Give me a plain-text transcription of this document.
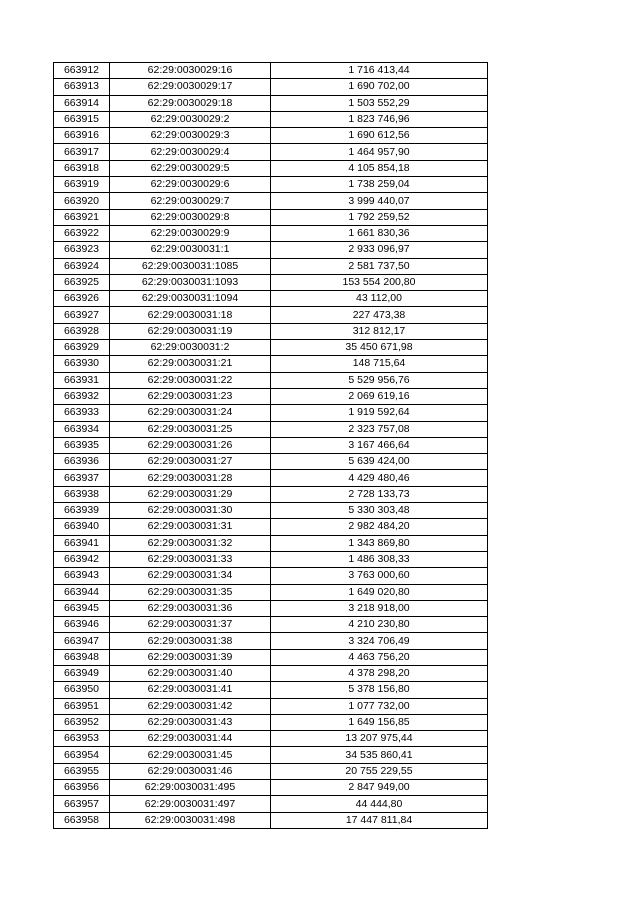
663912	62:29:0030029:16	1 716 413,44
663913	62:29:0030029:17	1 690 702,00
663914	62:29:0030029:18	1 503 552,29
663915	62:29:0030029:2	1 823 746,96
663916	62:29:0030029:3	1 690 612,56
663917	62:29:0030029:4	1 464 957,90
663918	62:29:0030029:5	4 105 854,18
663919	62:29:0030029:6	1 738 259,04
663920	62:29:0030029:7	3 999 440,07
663921	62:29:0030029:8	1 792 259,52
663922	62:29:0030029:9	1 661 830,36
663923	62:29:0030031:1	2 933 096,97
663924	62:29:0030031:1085	2 581 737,50
663925	62:29:0030031:1093	153 554 200,80
663926	62:29:0030031:1094	43 112,00
663927	62:29:0030031:18	227 473,38
663928	62:29:0030031:19	312 812,17
663929	62:29:0030031:2	35 450 671,98
663930	62:29:0030031:21	148 715,64
663931	62:29:0030031:22	5 529 956,76
663932	62:29:0030031:23	2 069 619,16
663933	62:29:0030031:24	1 919 592,64
663934	62:29:0030031:25	2 323 757,08
663935	62:29:0030031:26	3 167 466,64
663936	62:29:0030031:27	5 639 424,00
663937	62:29:0030031:28	4 429 480,46
663938	62:29:0030031:29	2 728 133,73
663939	62:29:0030031:30	5 330 303,48
663940	62:29:0030031:31	2 982 484,20
663941	62:29:0030031:32	1 343 869,80
663942	62:29:0030031:33	1 486 308,33
663943	62:29:0030031:34	3 763 000,60
663944	62:29:0030031:35	1 649 020,80
663945	62:29:0030031:36	3 218 918,00
663946	62:29:0030031:37	4 210 230,80
663947	62:29:0030031:38	3 324 706,49
663948	62:29:0030031:39	4 463 756,20
663949	62:29:0030031:40	4 378 298,20
663950	62:29:0030031:41	5 378 156,80
663951	62:29:0030031:42	1 077 732,00
663952	62:29:0030031:43	1 649 156,85
663953	62:29:0030031:44	13 207 975,44
663954	62:29:0030031:45	34 535 860,41
663955	62:29:0030031:46	20 755 229,55
663956	62:29:0030031:495	2 847 949,00
663957	62:29:0030031:497	44 444,80
663958	62:29:0030031:498	17 447 811,84
